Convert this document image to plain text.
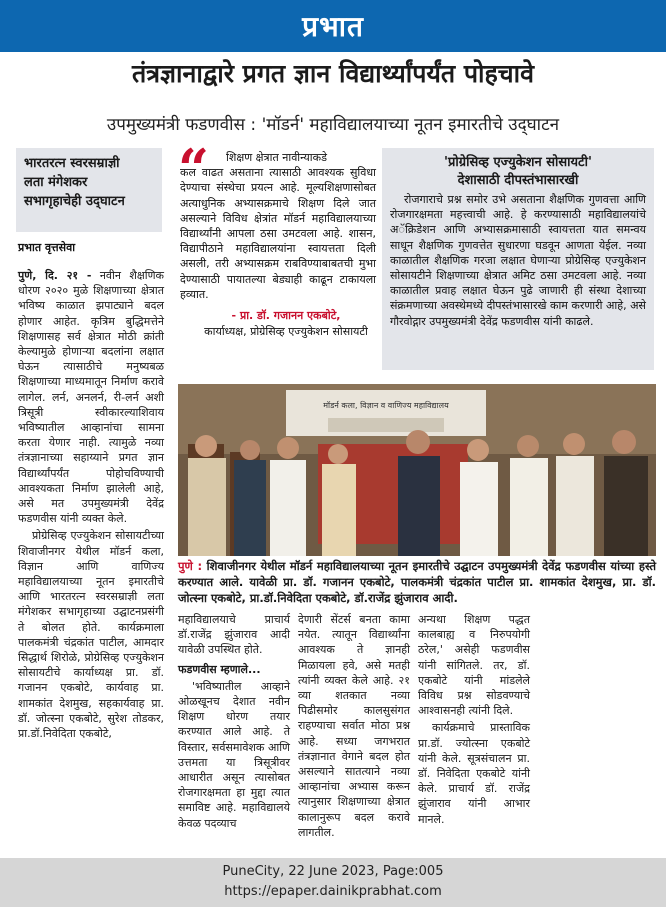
प्रभात
तंत्रज्ञानाद्वारे प्रगत ज्ञान विद्यार्थ्यांपर्यंत पोहचावे
उपमुख्यमंत्री फडणवीस : 'मॉडर्न' महाविद्यालयाच्या नूतन इमारतीचे उद्‌घाटन
भारतरत्न स्वरसम्राज्ञी
लता मंगेशकर
सभागृहाचेही उद्‌घाटन
प्रभात वृत्तसेवा

पुणे, दि. २१ - नवीन शैक्षणिक धोरण २०२० मुळे शिक्षणाच्या क्षेत्रात भविष्य काळात झपाट्याने बदल होणार आहेत. कृत्रिम बुद्धिमत्तेने शिक्षणासह सर्व क्षेत्रात मोठी क्रांती केल्यामुळे होणाऱ्या बदलांना लक्षात घेऊन त्यासाठीचे मनुष्यबळ शिक्षणाच्या माध्यमातून निर्माण करावे लागेल. लर्न, अनलर्न, री-लर्न अशी त्रिसूत्री स्वीकारल्याशिवाय भविष्यातील आव्हानांचा सामना करता येणार नाही. त्यामुळे नव्या तंत्रज्ञानाच्या सहाय्याने प्रगत ज्ञान विद्यार्थ्यांपर्यंत पोहोचविण्याची आवश्यकता निर्माण झालेली आहे, असे मत उपमुख्यमंत्री देवेंद्र फडणवीस यांनी व्यक्त केले.

प्रोग्रेसिव्ह एज्युकेशन सोसायटीच्या शिवाजीनगर येथील मॉडर्न कला, विज्ञान आणि वाणिज्य महाविद्यालयाच्या नूतन इमारतीचे आणि भारतरत्न स्वरसम्राज्ञी लता मंगेशकर सभागृहाच्या उद्घाटनप्रसंगी ते बोलत होते. कार्यक्रमाला पालकमंत्री चंद्रकांत पाटील, आमदार सिद्धार्थ शिरोळे, प्रोग्रेसिव्ह एज्युकेशन सोसायटीचे कार्याध्यक्ष प्रा. डॉ. गजानन एकबोटे, कार्यवाह प्रा. शामकांत देशमुख, सहकार्यवाह प्रा. डॉ. जोत्स्ना एकबोटे, सुरेश तोडकर, प्रा.डॉ.निवेदिता एकबोटे,

“	शिक्षण क्षेत्रात नावीन्याकडे
कल वाढत असताना त्यासाठी आवश्यक सुविधा देण्याचा संस्थेचा प्रयत्न आहे. मूल्यशिक्षणासोबत अत्याधुनिक अभ्यासक्रमाचे शिक्षण दिले जात असल्याने विविध क्षेत्रांत मॉडर्न महाविद्यालयाच्या विद्यार्थ्यांनी आपला ठसा उमटवला आहे. शासन, विद्यापीठाने महाविद्यालयांना स्वायत्तता दिली असली, तरी अभ्यासक्रम राबविण्याबाबतची मुभा देण्यासाठी पायातल्या बेड्याही काढून टाकायला हव्यात.
- प्रा. डॉ. गजानन एकबोटे,
कार्याध्यक्ष, प्रोग्रेसिव्ह एज्युकेशन सोसायटी
'प्रोग्रेसिव्ह एज्युकेशन सोसायटी'
देशासाठी दीपस्तंभासारखी
रोजगाराचे प्रश्न समोर उभे असताना शैक्षणिक गुणवत्ता आणि रोजगारक्षमता महत्त्वाची आहे. हे करण्यासाठी महाविद्यालयांचे अॅक्रिडेशन आणि अभ्यासक्रमासाठी स्वायत्तता यात समन्वय साधून शैक्षणिक गुणवत्तेत सुधारणा घडवून आणता येईल. नव्या काळातील शैक्षणिक गरजा लक्षात घेणाऱ्या प्रोग्रेसिव्ह एज्युकेशन सोसायटीने शिक्षणाच्या क्षेत्रात अमिट ठसा उमटवला आहे. नव्या काळातील प्रवाह लक्षात घेऊन पुढे जाणारी ही संस्था देशाच्या संक्रमणाच्या अवस्थेमध्ये दीपस्तंभासारखे काम करणारी आहे, असे गौरवोद्गार उपमुख्यमंत्री देवेंद्र फडणवीस यांनी काढले.
मॉडर्न कला, विज्ञान व वाणिज्य महाविद्यालय
पुणे : शिवाजीनगर येथील मॉडर्न महाविद्यालयाच्या नूतन इमारतीचे उद्घाटन उपमुख्यमंत्री देवेंद्र फडणवीस यांच्या हस्ते करण्यात आले. यावेळी प्रा. डॉ. गजानन एकबोटे, पालकमंत्री चंद्रकांत पाटील प्रा. शामकांत देशमुख, प्रा. डॉ. जोत्स्ना एकबोटे, प्रा.डॉ.निवेदिता एकबोटे, डॉ.राजेंद्र झुंजाराव आदी.

महाविद्यालयाचे प्राचार्य डॉ.राजेंद्र झुंजाराव आदी यावेळी उपस्थित होते.

फडणवीस म्हणाले...

'भविष्यातील आव्हाने ओळखूनच देशात नवीन शिक्षण धोरण तयार करण्यात आले आहे. ते विस्तार, सर्वसमावेशक आणि उत्तमता या त्रिसूत्रीवर आधारीत असून त्यासोबत रोजगारक्षमता हा मुद्दा त्यात समाविष्ट आहे. महाविद्यालये केवळ पदव्याच

देणारी सेंटर्स बनता कामा नयेत. त्यातून विद्यार्थ्यांना आवश्यक ते ज्ञानही मिळायला हवे, असे मतही त्यांनी व्यक्त केले आहे. २१ व्या शतकात नव्या पिढीसमोर कालसुसंगत राहण्याचा सर्वात मोठा प्रश्न आहे. सध्या जगभरात तंत्रज्ञानात वेगाने बदल होत असल्याने सातत्याने नव्या आव्हानांचा अभ्यास करून त्यानुसार शिक्षणाच्या क्षेत्रात कालानुरूप बदल करावे लागतील.

अन्यथा शिक्षण पद्धत कालबाह्य व निरुपयोगी ठरेल,' असेही फडणवीस यांनी सांगितले. तर, डॉ. एकबोटे यांनी मांडलेले विविध प्रश्न सोडवण्याचे आश्वासनही त्यांनी दिले.

कार्यक्रमाचे प्रास्ताविक प्रा.डॉ. ज्योत्स्ना एकबोटे यांनी केले. सूत्रसंचालन प्रा. डॉ. निवेदिता एकबोटे यांनी केले. प्राचार्य डॉ. राजेंद्र झुंजाराव यांनी आभार मानले.

PuneCity, 22 June 2023, Page:005
https://epaper.dainikprabhat.com
